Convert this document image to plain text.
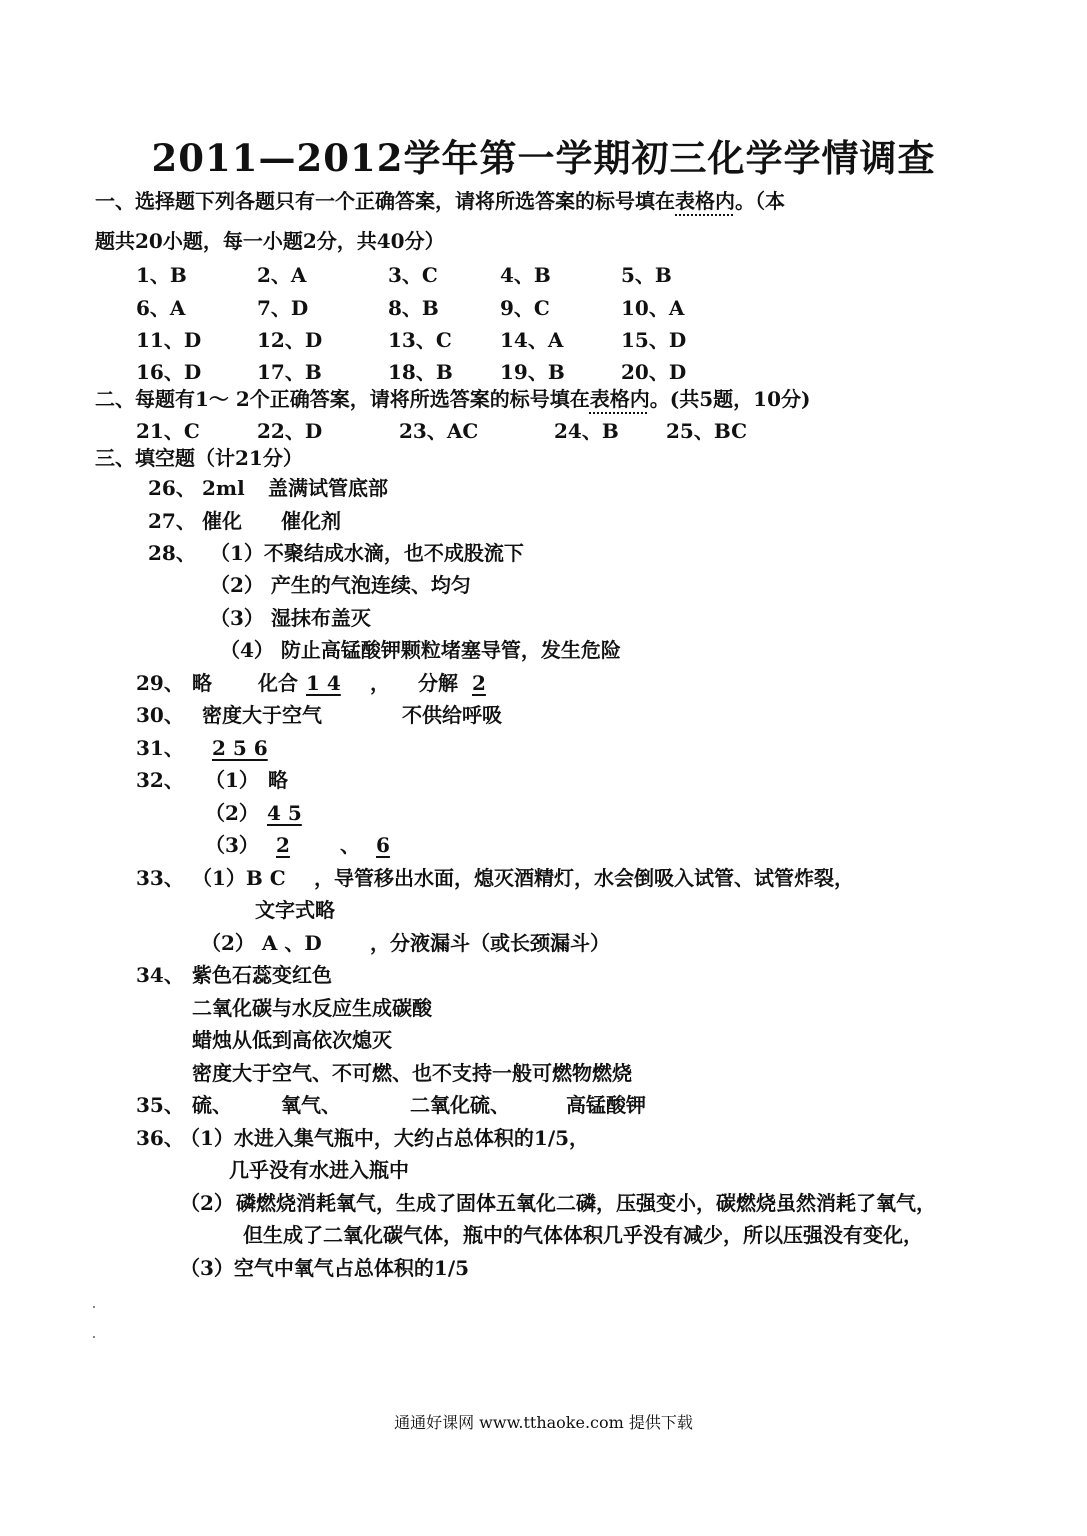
2011—2012学年第一学期初三化学学情调查
一、选择题下列各题只有一个正确答案，请将所选答案的标号填在表格内。（本
题共20小题，每一小题2分，共40分）
1、B	2、A	3、C	4、B	5、B
6、A	7、D	8、B	9、C	10、A
11、D	12、D	13、C 14、A	15、D
16、D	17、B	18、B 19、B	20、D
二、每题有1～ 2个正确答案，请将所选答案的标号填在表格内。(共5题，10分)
21、C	22、D	23、AC	24、B 25、BC
三、填空题（计21分）
26、 2ml 盖满试管底部
27、 催化 催化剂
28、 （1）不聚结成水滴，也不成股流下
（2） 产生的气泡连续、均匀
（3） 湿抹布盖灭
（4） 防止高锰酸钾颗粒堵塞导管，发生危险
29、 略 化合 1 4	， 分解 2
30、 密度大于空气	不供给呼吸
31、	2 5 6
32、 （1） 略
（2） 4 5
（3） 2	、 6
33、 （1）B C ，导管移出水面，熄灭酒精灯，水会倒吸入试管、试管炸裂，
文字式略
（2） A 、D ，分液漏斗（或长颈漏斗）
34、 紫色石蕊变红色
二氧化碳与水反应生成碳酸
蜡烛从低到高依次熄灭
密度大于空气、不可燃、也不支持一般可燃物燃烧
35、 硫、 氧气、	二氧化硫、	高锰酸钾
36、
（1）水进入集气瓶中，大约占总体积的1/5，
几乎没有水进入瓶中
（2） 磷燃烧消耗氧气，生成了固体五氧化二磷，压强变小，碳燃烧虽然消耗了氧气，
但生成了二氧化碳气体，瓶中的气体体积几乎没有减少，所以压强没有变化，
（3）空气中氧气占总体积的1/5
通通好课网 www.tthaoke.com 提供下载
